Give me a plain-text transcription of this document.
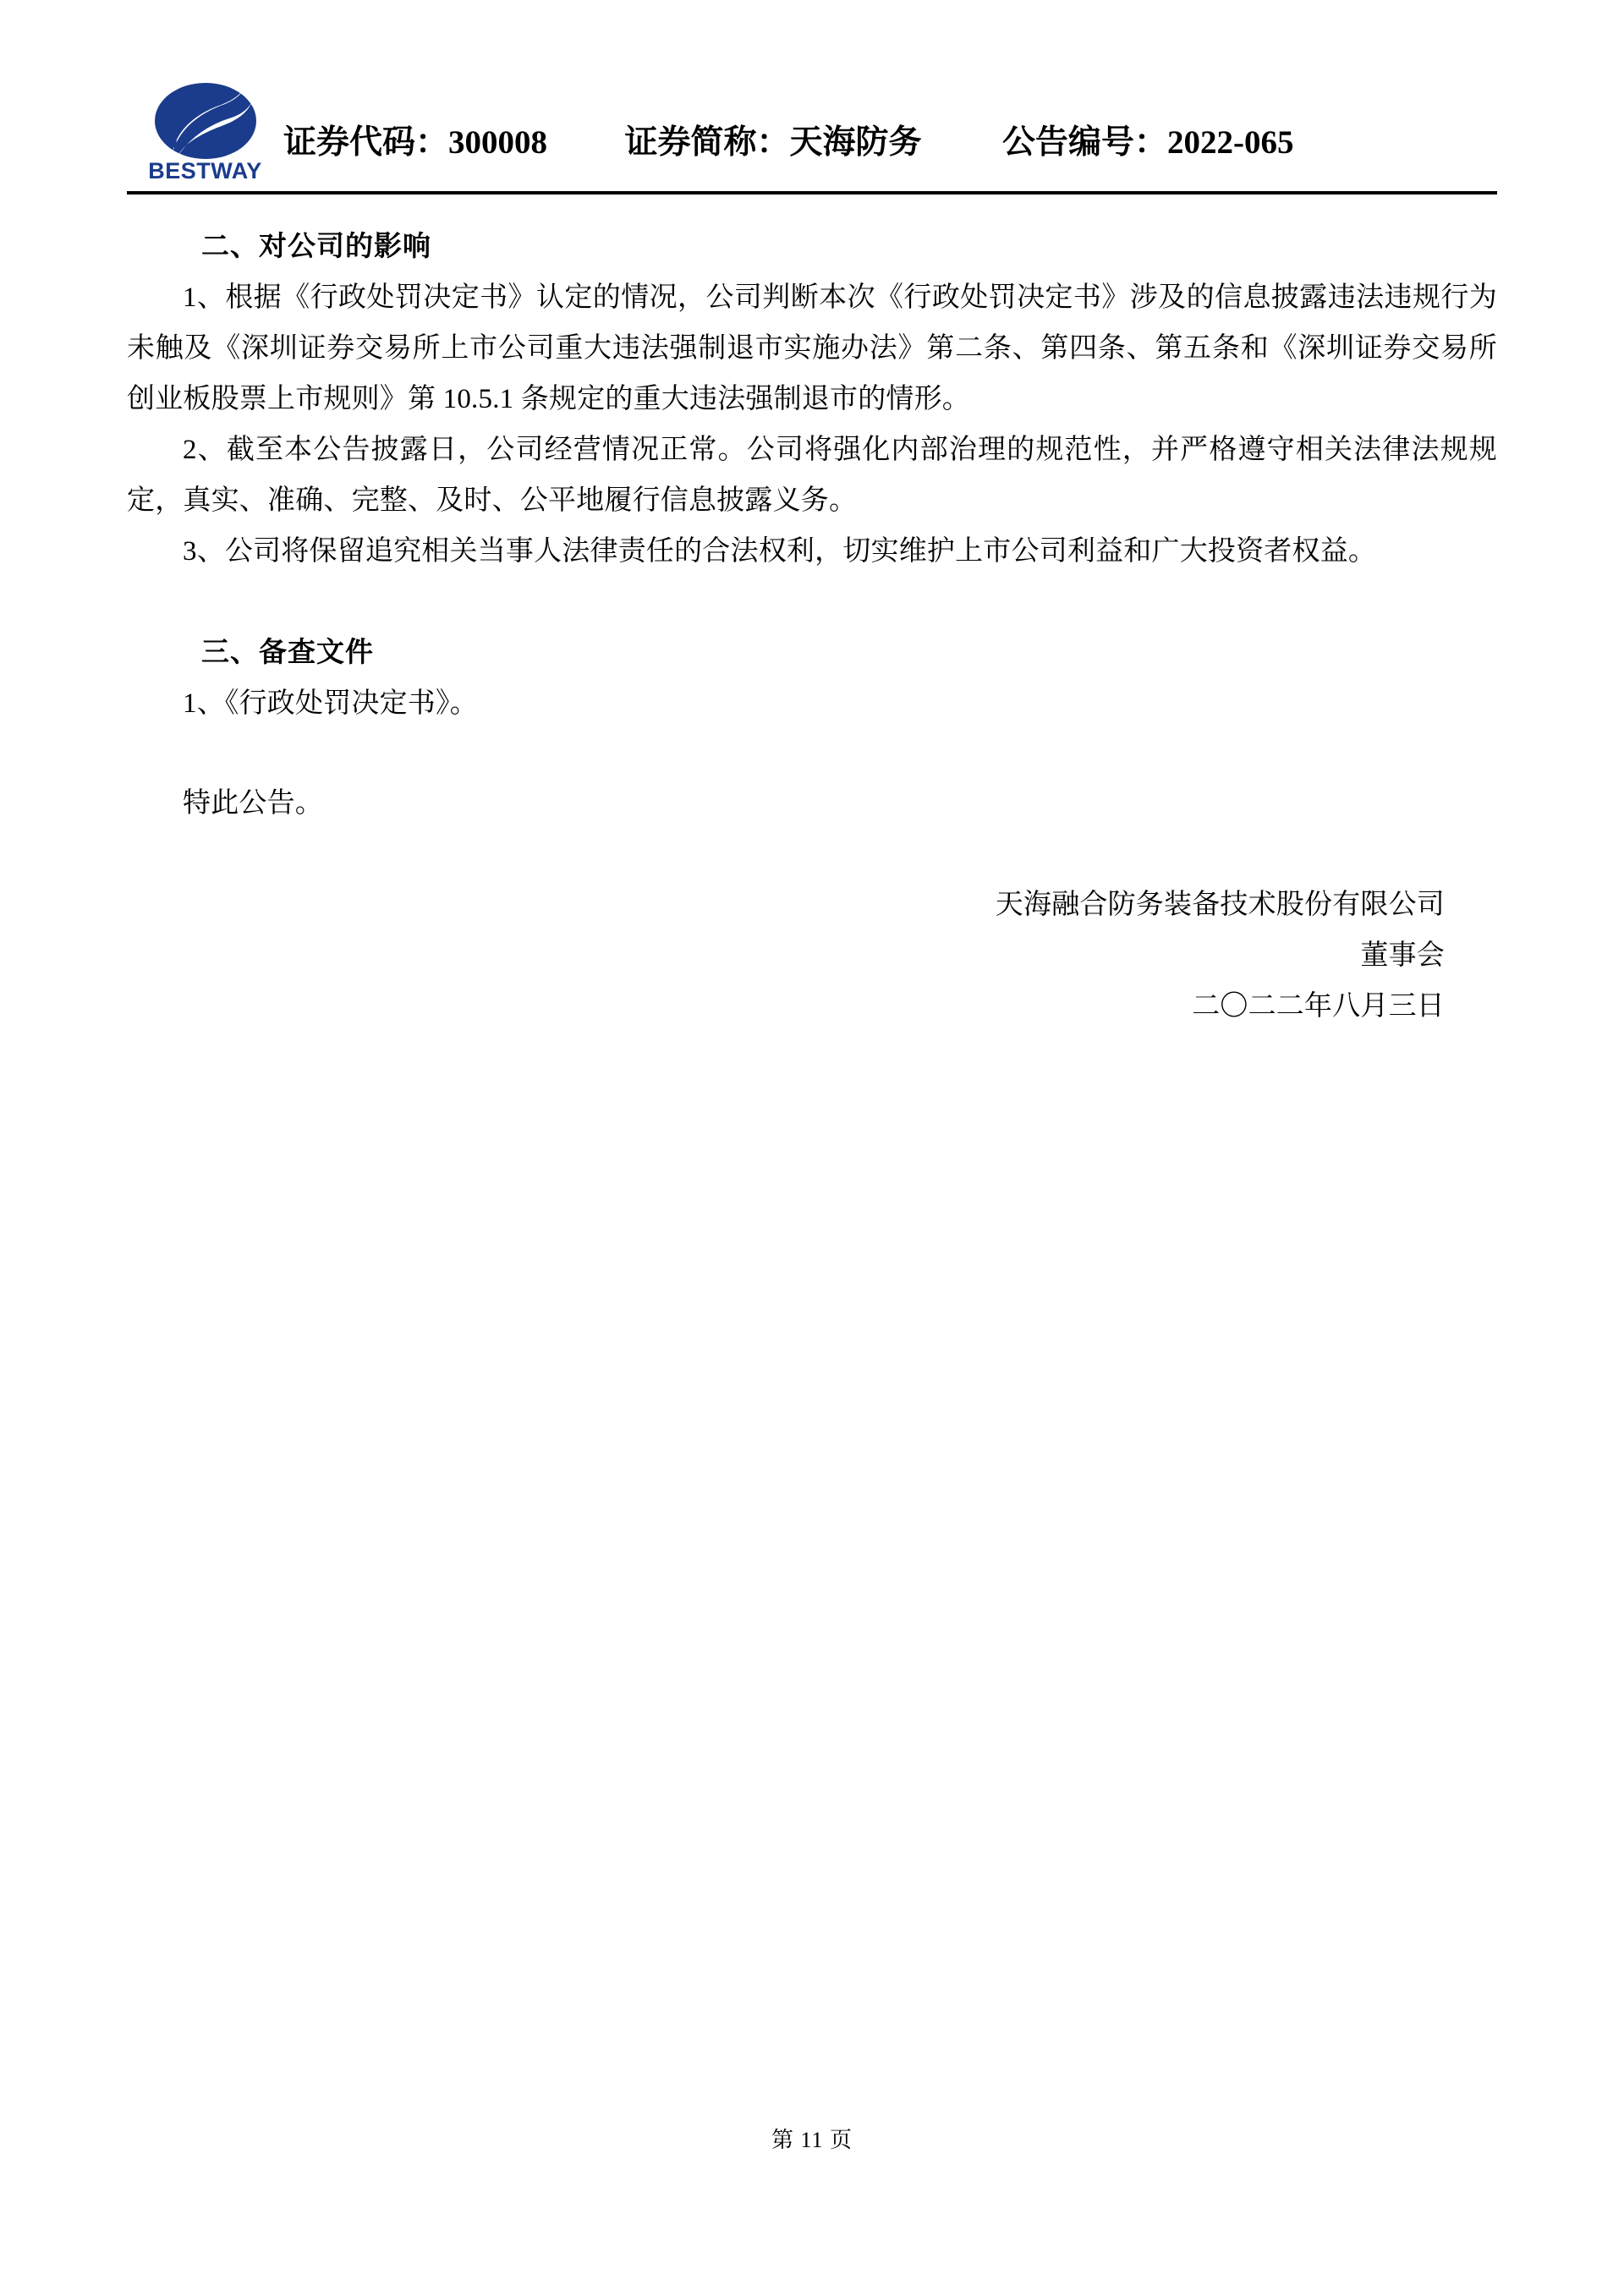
BESTWAY
证券代码：300008 证券简称：天海防务 公告编号：2022-065
二、对公司的影响

1、根据《行政处罚决定书》认定的情况，公司判断本次《行政处罚决定书》涉及的信息披露违法违规行为未触及《深圳证券交易所上市公司重大违法强制退市实施办法》第二条、第四条、第五条和《深圳证券交易所创业板股票上市规则》第 10.5.1 条规定的重大违法强制退市的情形。

2、截至本公告披露日，公司经营情况正常。公司将强化内部治理的规范性，并严格遵守相关法律法规规定，真实、准确、完整、及时、公平地履行信息披露义务。

3、公司将保留追究相关当事人法律责任的合法权利，切实维护上市公司利益和广大投资者权益。

三、备查文件

1、《行政处罚决定书》。

特此公告。

天海融合防务装备技术股份有限公司
董事会
二〇二二年八月三日
第 11 页
